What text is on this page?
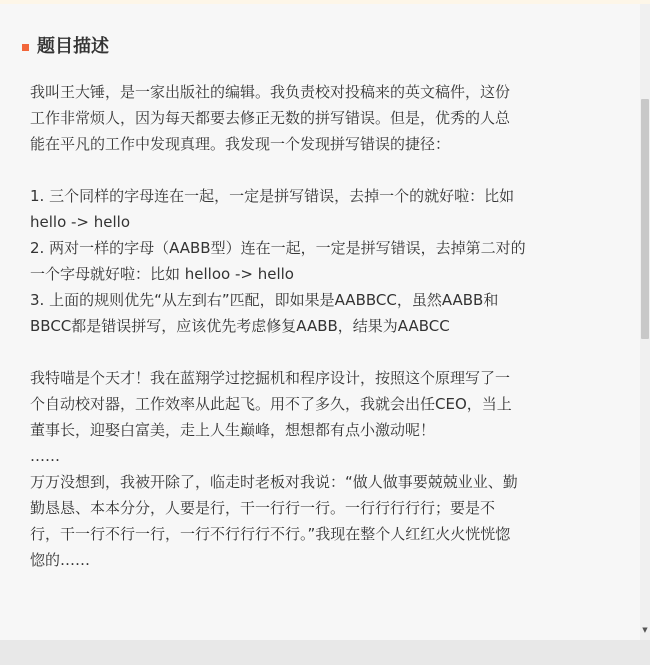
题目描述

我叫王大锤，是一家出版社的编辑。我负责校对投稿来的英文稿件，这份

工作非常烦人，因为每天都要去修正无数的拼写错误。但是，优秀的人总

能在平凡的工作中发现真理。我发现一个发现拼写错误的捷径：

1. 三个同样的字母连在一起，一定是拼写错误，去掉一个的就好啦：比如

hello -> hello

2. 两对一样的字母（AABB型）连在一起，一定是拼写错误，去掉第二对的

一个字母就好啦：比如 helloo -> hello

3. 上面的规则优先“从左到右”匹配，即如果是AABBCC，虽然AABB和

BBCC都是错误拼写，应该优先考虑修复AABB，结果为AABCC

我特喵是个天才！我在蓝翔学过挖掘机和程序设计，按照这个原理写了一

个自动校对器，工作效率从此起飞。用不了多久，我就会出任CEO，当上

董事长，迎娶白富美，走上人生巅峰，想想都有点小激动呢！

……

万万没想到，我被开除了，临走时老板对我说：“做人做事要兢兢业业、勤

勤恳恳、本本分分，人要是行，干一行行一行。一行行行行行；要是不

行，干一行不行一行，一行不行行行不行。”我现在整个人红红火火恍恍惚

惚的……

▼
